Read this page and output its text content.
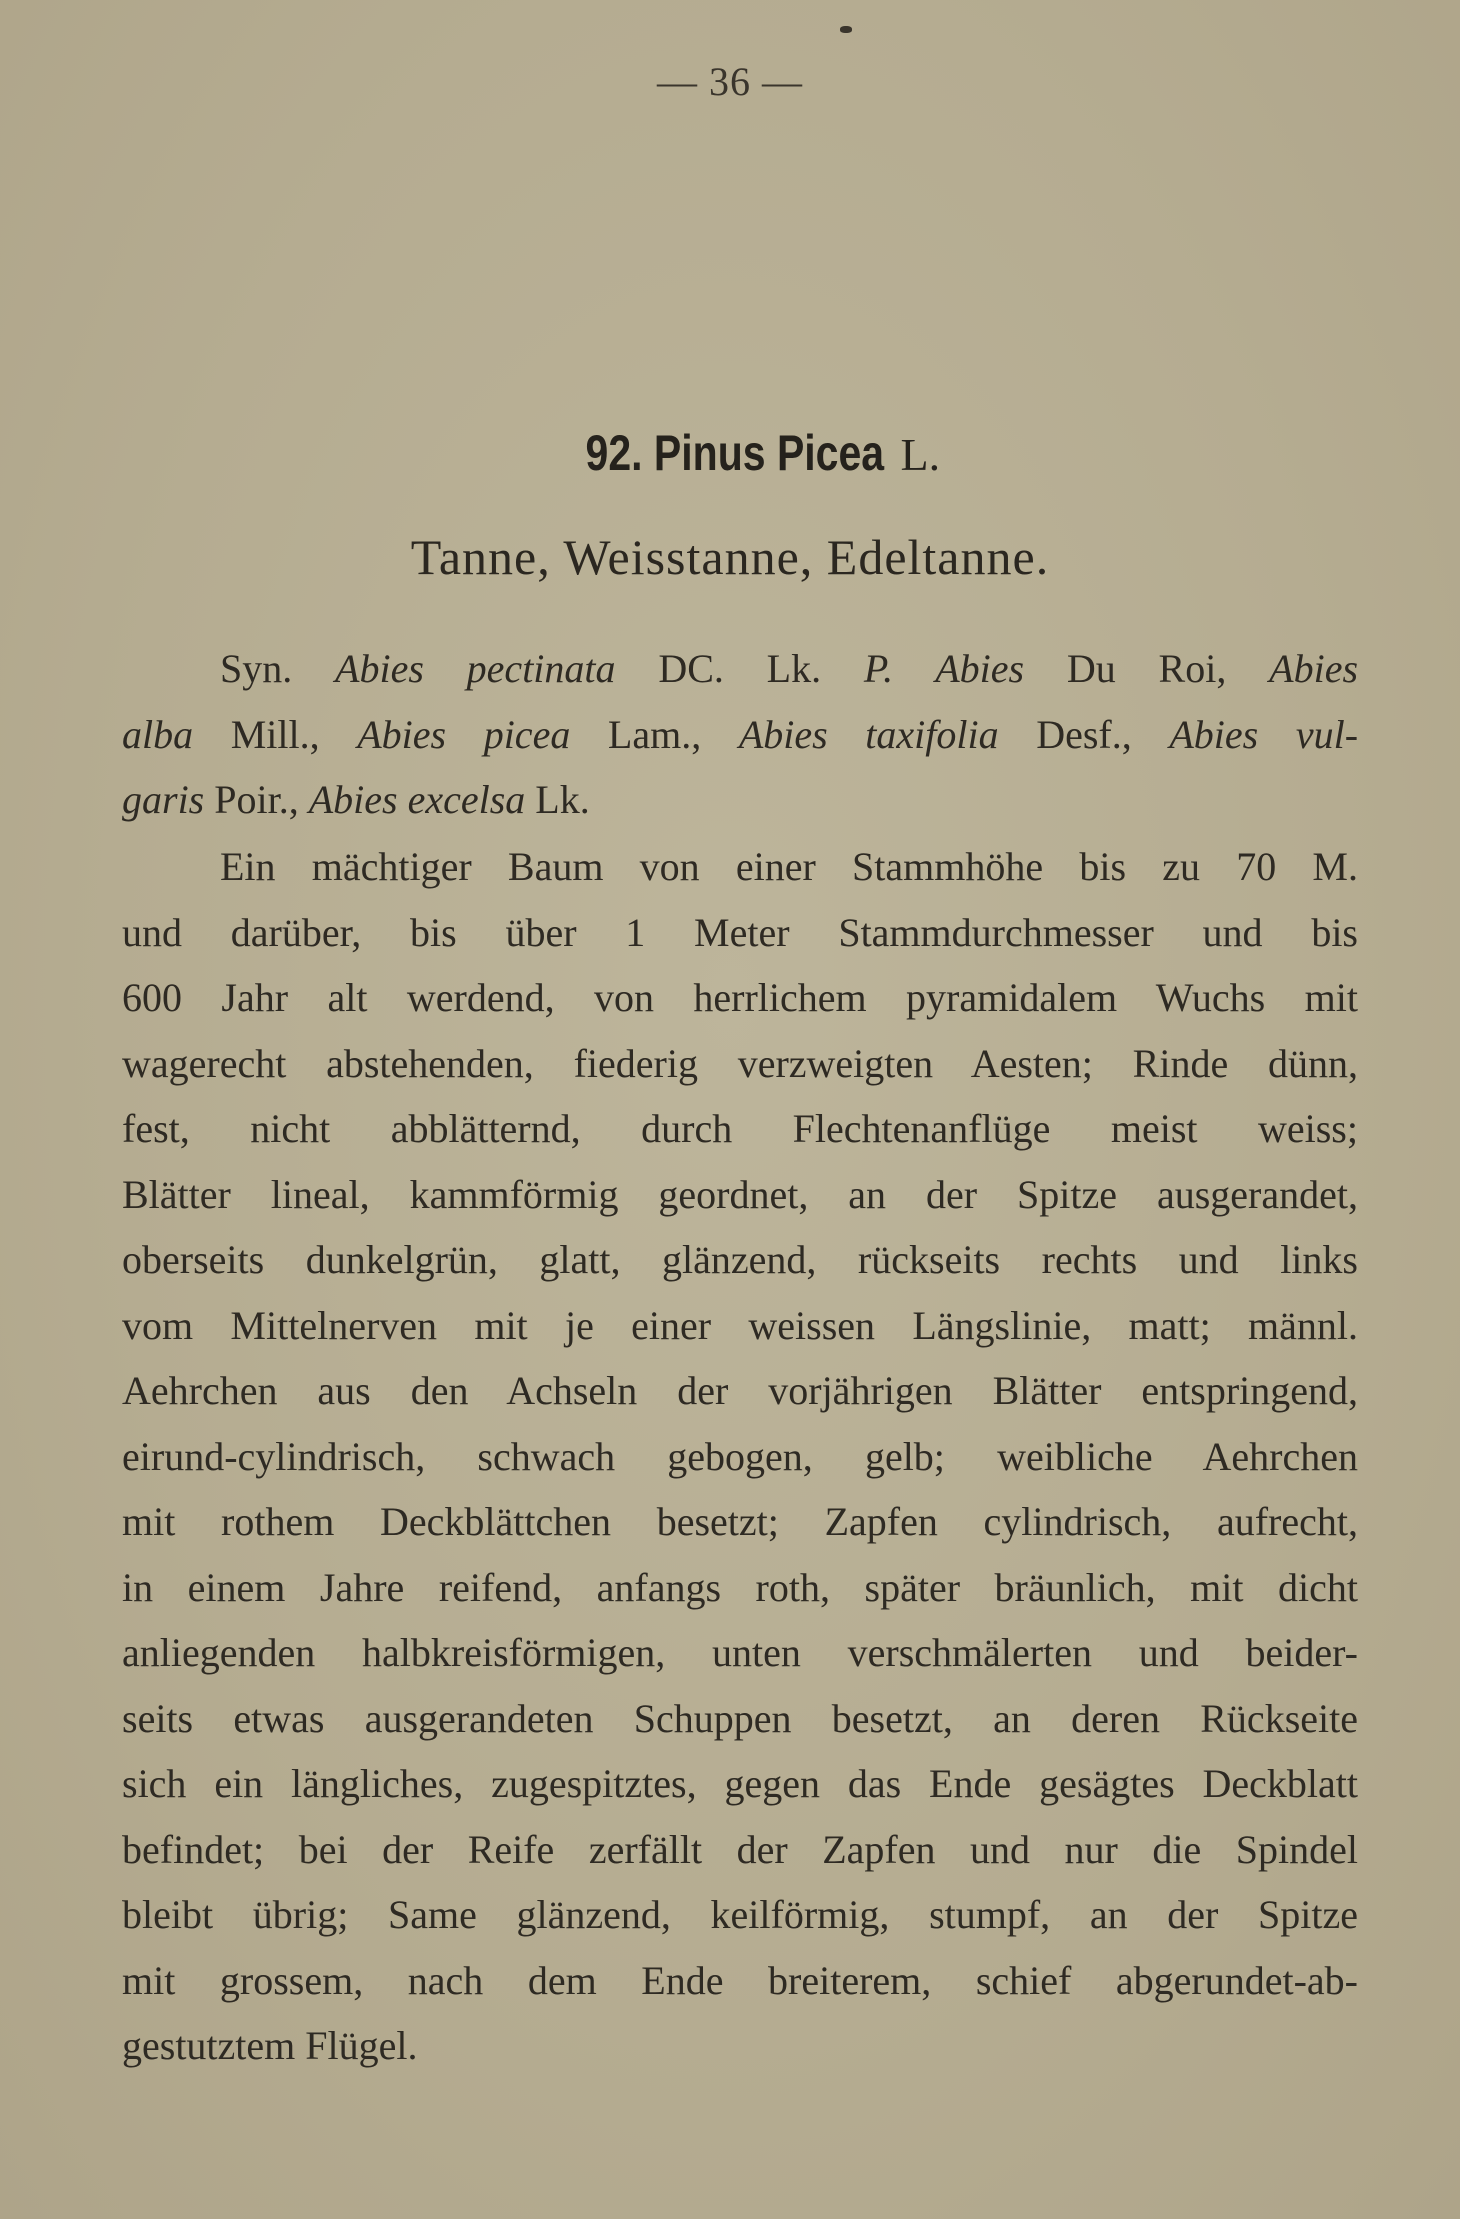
— 36 —
92. Pinus Picea L.
Tanne, Weisstanne, Edeltanne.
Syn. Abies pectinata DC. Lk. P. Abies Du Roi, Abies
alba Mill., Abies picea Lam., Abies taxifolia Desf., Abies vul-
garis Poir., Abies excelsa Lk.
Ein mächtiger Baum von einer Stammhöhe bis zu 70 M.
und darüber, bis über 1 Meter Stammdurchmesser und bis
600 Jahr alt werdend, von herrlichem pyramidalem Wuchs mit
wagerecht abstehenden, fiederig verzweigten Aesten; Rinde dünn,
fest, nicht abblätternd, durch Flechtenanflüge meist weiss;
Blätter lineal, kammförmig geordnet, an der Spitze ausgerandet,
oberseits dunkelgrün, glatt, glänzend, rückseits rechts und links
vom Mittelnerven mit je einer weissen Längslinie, matt; männl.
Aehrchen aus den Achseln der vorjährigen Blätter entspringend,
eirund-cylindrisch, schwach gebogen, gelb; weibliche Aehrchen
mit rothem Deckblättchen besetzt; Zapfen cylindrisch, aufrecht,
in einem Jahre reifend, anfangs roth, später bräunlich, mit dicht
anliegenden halbkreisförmigen, unten verschmälerten und beider-
seits etwas ausgerandeten Schuppen besetzt, an deren Rückseite
sich ein längliches, zugespitztes, gegen das Ende gesägtes Deckblatt
befindet; bei der Reife zerfällt der Zapfen und nur die Spindel
bleibt übrig; Same glänzend, keilförmig, stumpf, an der Spitze
mit grossem, nach dem Ende breiterem, schief abgerundet-ab-
gestutztem Flügel.
